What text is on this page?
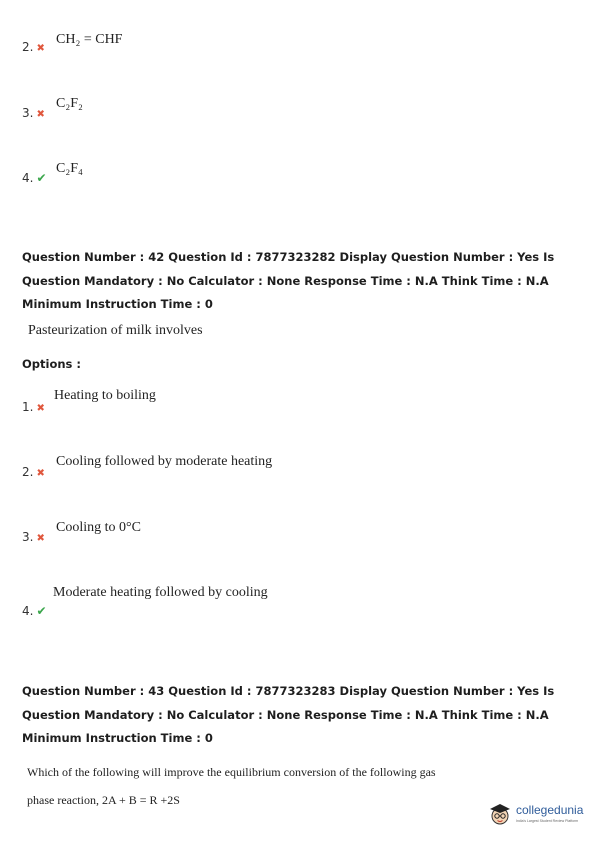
2. ✖
CH₂ = CHF
3. ✖
C₂F₂
4. ✔
C₂F₄
Question Number : 42 Question Id : 7877323282 Display Question Number : Yes Is Question Mandatory : No Calculator : None Response Time : N.A Think Time : N.A Minimum Instruction Time : 0
Pasteurization of milk involves
Options :
1. ✖
Heating to boiling
2. ✖
Cooling followed by moderate heating
3. ✖
Cooling to 0°C
4. ✔
Moderate heating followed by cooling
Question Number : 43 Question Id : 7877323283 Display Question Number : Yes Is Question Mandatory : No Calculator : None Response Time : N.A Think Time : N.A Minimum Instruction Time : 0
Which of the following will improve the equilibrium conversion of the following gas
phase reaction, 2A + B = R +2S
collegedunia
India's Largest Student Review Platform
